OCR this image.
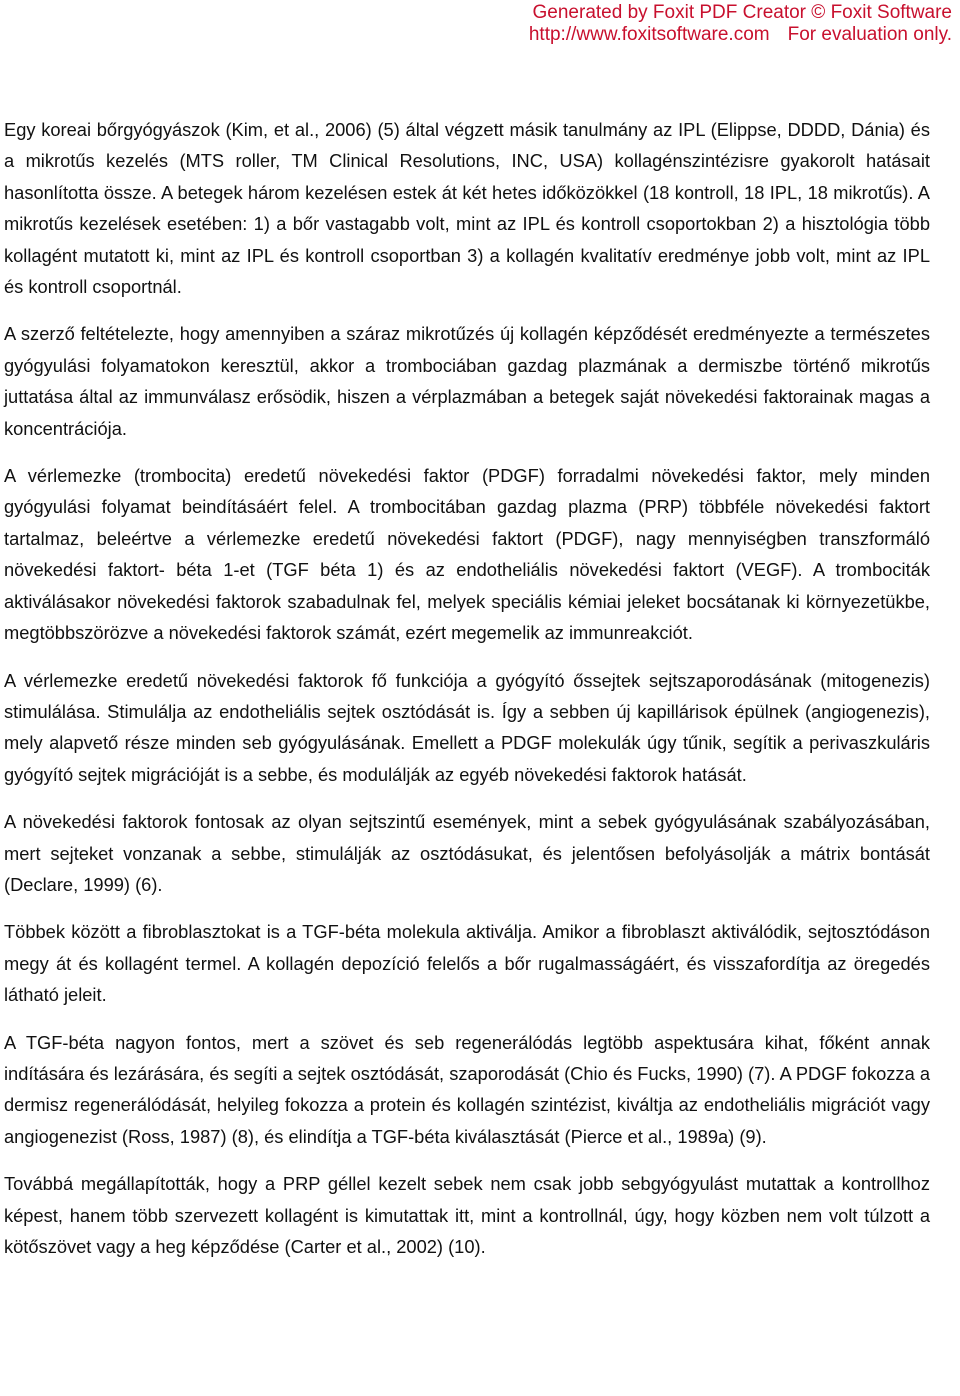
Generated by Foxit PDF Creator © Foxit Software
http://www.foxitsoftware.com For evaluation only.

Egy koreai bőrgyógyászok (Kim, et al., 2006) (5) által végzett másik tanulmány az IPL (Elippse, DDDD, Dánia) és a mikrotűs kezelés (MTS roller, TM Clinical Resolutions, INC, USA) kollagénszintézisre gyakorolt hatásait hasonlította össze. A betegek három kezelésen estek át két hetes időközökkel (18 kontroll, 18 IPL, 18 mikrotűs). A mikrotűs kezelések esetében: 1) a bőr vastagabb volt, mint az IPL és kontroll csoportokban 2) a hisztológia több kollagént mutatott ki, mint az IPL és kontroll csoportban 3) a kollagén kvalitatív eredménye jobb volt, mint az IPL és kontroll csoportnál.

A szerző feltételezte, hogy amennyiben a száraz mikrotűzés új kollagén képződését eredményezte a természetes gyógyulási folyamatokon keresztül, akkor a trombociában gazdag plazmának a dermiszbe történő mikrotűs juttatása által az immunválasz erősödik, hiszen a vérplazmában a betegek saját növekedési faktorainak magas a koncentrációja.

A vérlemezke (trombocita) eredetű növekedési faktor (PDGF) forradalmi növekedési faktor, mely minden gyógyulási folyamat beindításáért felel. A trombocitában gazdag plazma (PRP) többféle növekedési faktort tartalmaz, beleértve a vérlemezke eredetű növekedési faktort (PDGF), nagy mennyiségben transzformáló növekedési faktort- béta 1-et (TGF béta 1) és az endotheliális növekedési faktort (VEGF). A trombociták aktiválásakor növekedési faktorok szabadulnak fel, melyek speciális kémiai jeleket bocsátanak ki környezetükbe, megtöbbszörözve a növekedési faktorok számát, ezért megemelik az immunreakciót.

A vérlemezke eredetű növekedési faktorok fő funkciója a gyógyító őssejtek sejtszaporodásának (mitogenezis) stimulálása. Stimulálja az endotheliális sejtek osztódását is. Így a sebben új kapillárisok épülnek (angiogenezis), mely alapvető része minden seb gyógyulásának. Emellett a PDGF molekulák úgy tűnik, segítik a perivaszkuláris gyógyító sejtek migrációját is a sebbe, és modulálják az egyéb növekedési faktorok hatását.

A növekedési faktorok fontosak az olyan sejtszintű események, mint a sebek gyógyulásának szabályozásában, mert sejteket vonzanak a sebbe, stimulálják az osztódásukat, és jelentősen befolyásolják a mátrix bontását (Declare, 1999) (6).

Többek között a fibroblasztokat is a TGF-béta molekula aktiválja. Amikor a fibroblaszt aktiválódik, sejtosztódáson megy át és kollagént termel. A kollagén depozíció felelős a bőr rugalmasságáért, és visszafordítja az öregedés látható jeleit.

A TGF-béta nagyon fontos, mert a szövet és seb regenerálódás legtöbb aspektusára kihat, főként annak indítására és lezárására, és segíti a sejtek osztódását, szaporodását (Chio és Fucks, 1990) (7). A PDGF fokozza a dermisz regenerálódását, helyileg fokozza a protein és kollagén szintézist, kiváltja az endotheliális migrációt vagy angiogenezist (Ross, 1987) (8), és elindítja a TGF-béta kiválasztását (Pierce et al., 1989a) (9).

Továbbá megállapították, hogy a PRP géllel kezelt sebek nem csak jobb sebgyógyulást mutattak a kontrollhoz képest, hanem több szervezett kollagént is kimutattak itt, mint a kontrollnál, úgy, hogy közben nem volt túlzott a kötőszövet vagy a heg képződése (Carter et al., 2002) (10).
